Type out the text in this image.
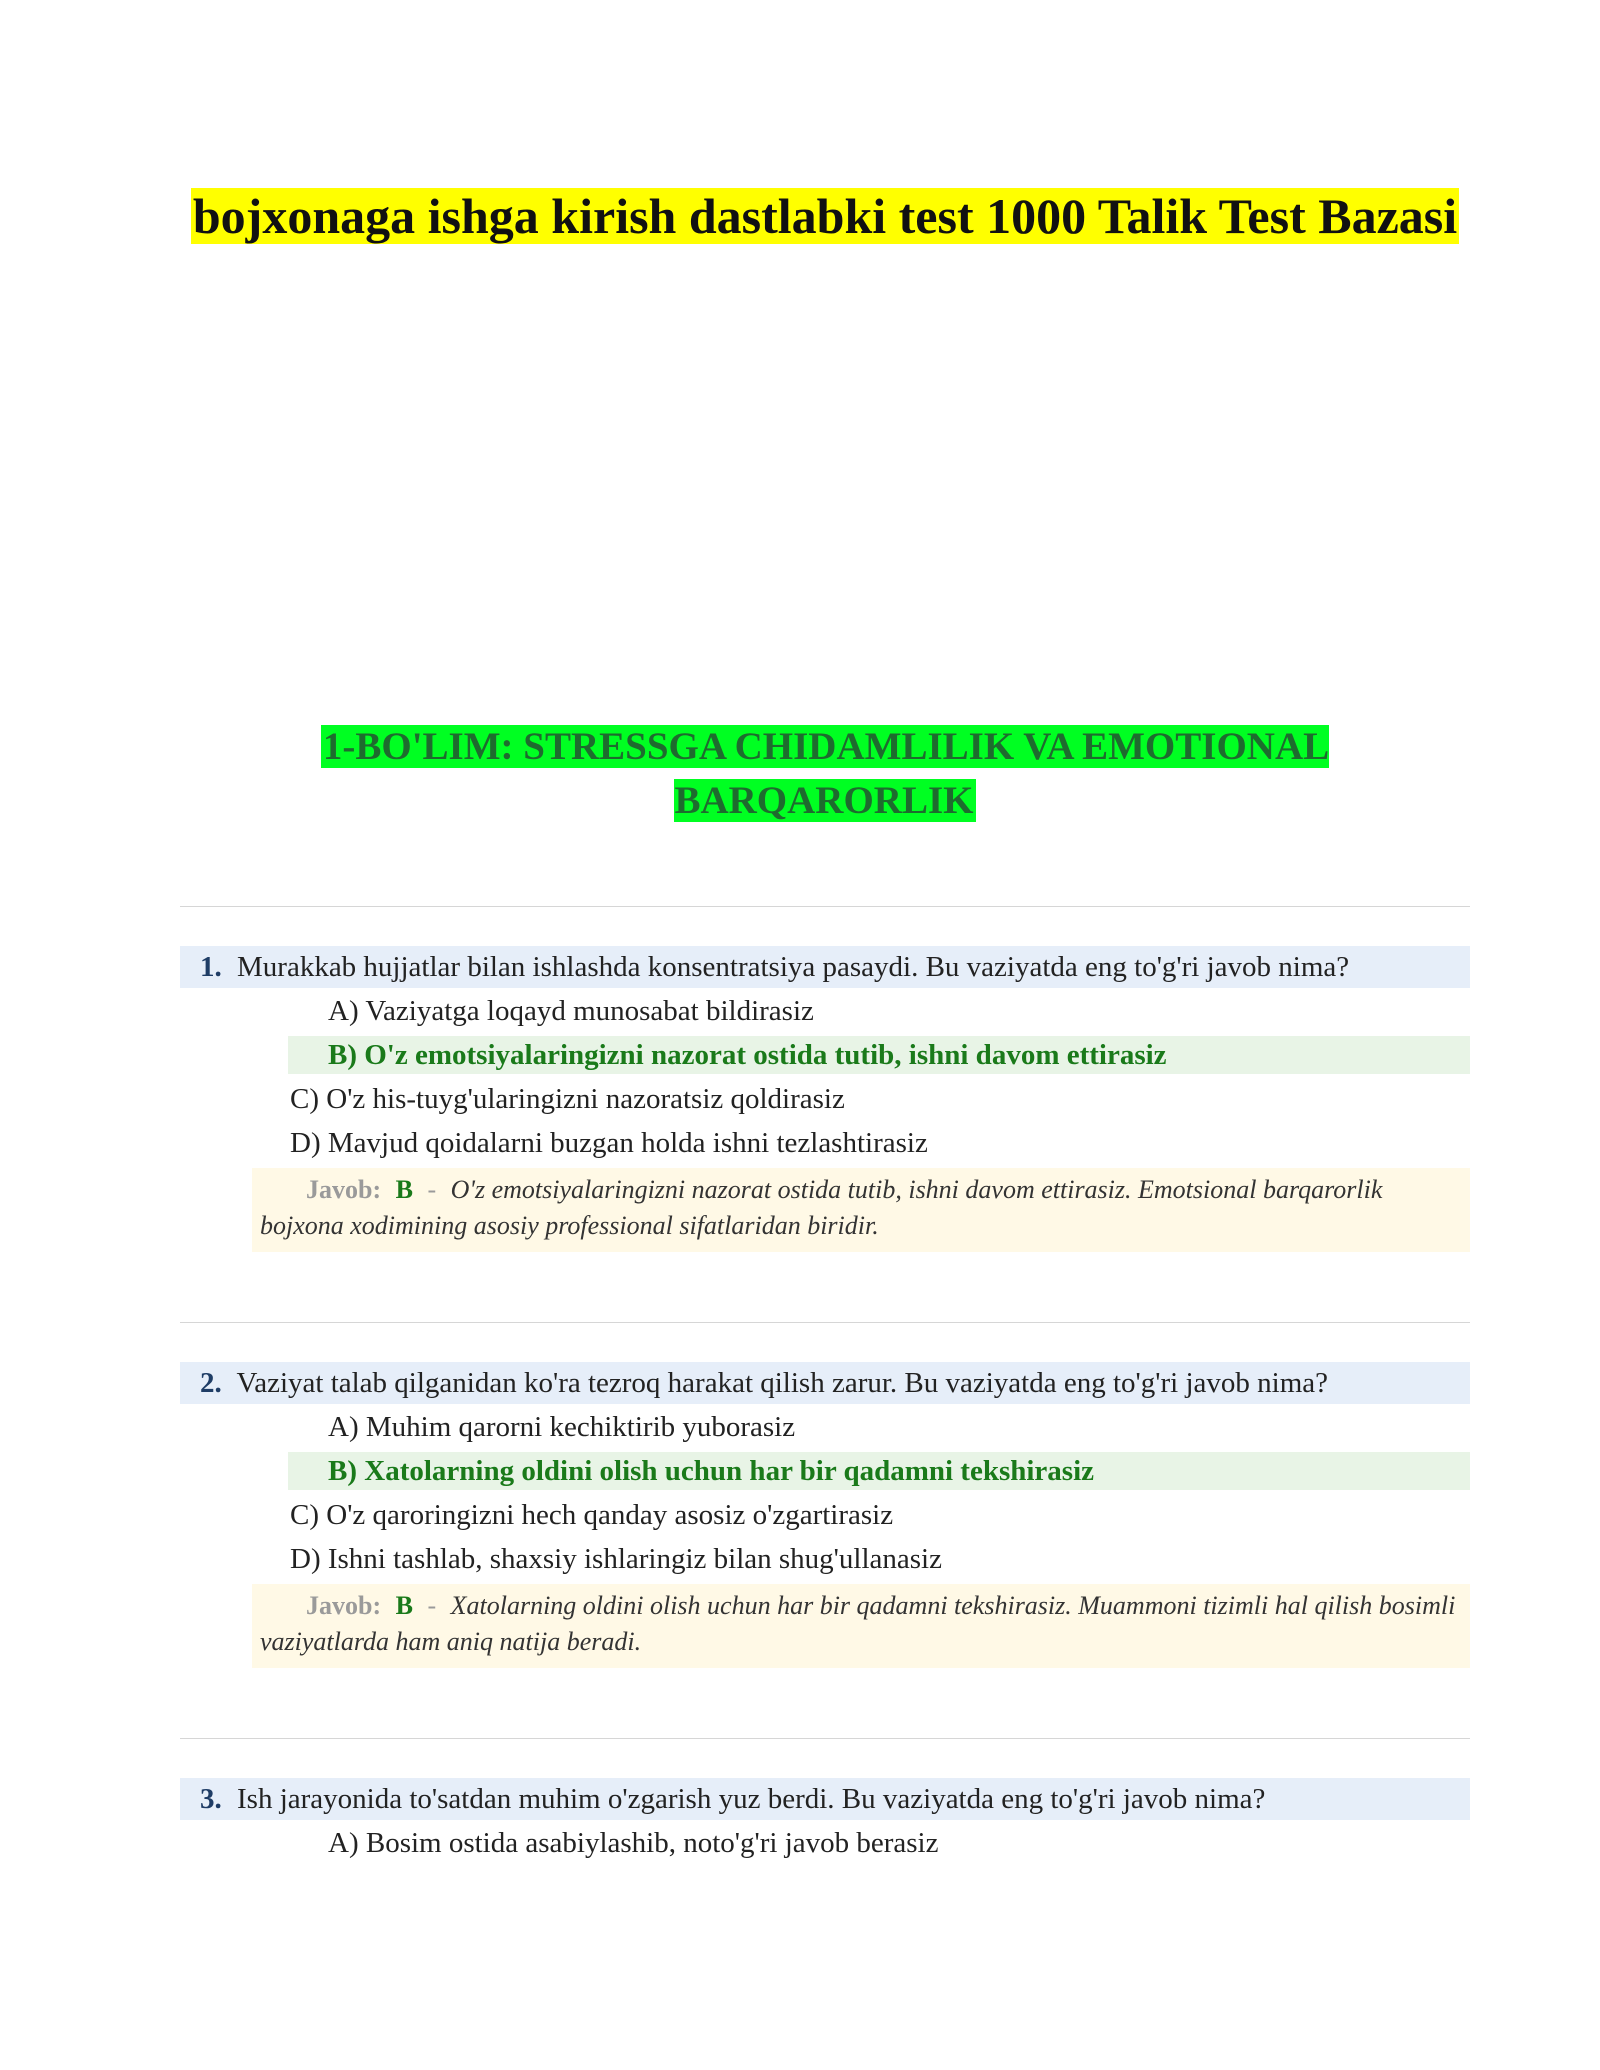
bojxonaga ishga kirish dastlabki test 1000 Talik Test Bazasi
1-BO'LIM: STRESSGA CHIDAMLILIK VA EMOTIONAL BARQARORLIK
1. Murakkab hujjatlar bilan ishlashda konsentratsiya pasaydi. Bu vaziyatda eng to'g'ri javob nima?
A) Vaziyatga loqayd munosabat bildirasiz
B) O'z emotsiyalaringizni nazorat ostida tutib, ishni davom ettirasiz
C) O'z his-tuyg'ularingizni nazoratsiz qoldirasiz
D) Mavjud qoidalarni buzgan holda ishni tezlashtirasiz
Javob: B - O'z emotsiyalaringizni nazorat ostida tutib, ishni davom ettirasiz. Emotsional barqarorlik bojxona xodimining asosiy professional sifatlaridan biridir.
2. Vaziyat talab qilganidan ko'ra tezroq harakat qilish zarur. Bu vaziyatda eng to'g'ri javob nima?
A) Muhim qarorni kechiktirib yuborasiz
B) Xatolarning oldini olish uchun har bir qadamni tekshirasiz
C) O'z qaroringizni hech qanday asosiz o'zgartirasiz
D) Ishni tashlab, shaxsiy ishlaringiz bilan shug'ullanasiz
Javob: B - Xatolarning oldini olish uchun har bir qadamni tekshirasiz. Muammoni tizimli hal qilish bosimli vaziyatlarda ham aniq natija beradi.
3. Ish jarayonida to'satdan muhim o'zgarish yuz berdi. Bu vaziyatda eng to'g'ri javob nima?
A) Bosim ostida asabiylashib, noto'g'ri javob berasiz
